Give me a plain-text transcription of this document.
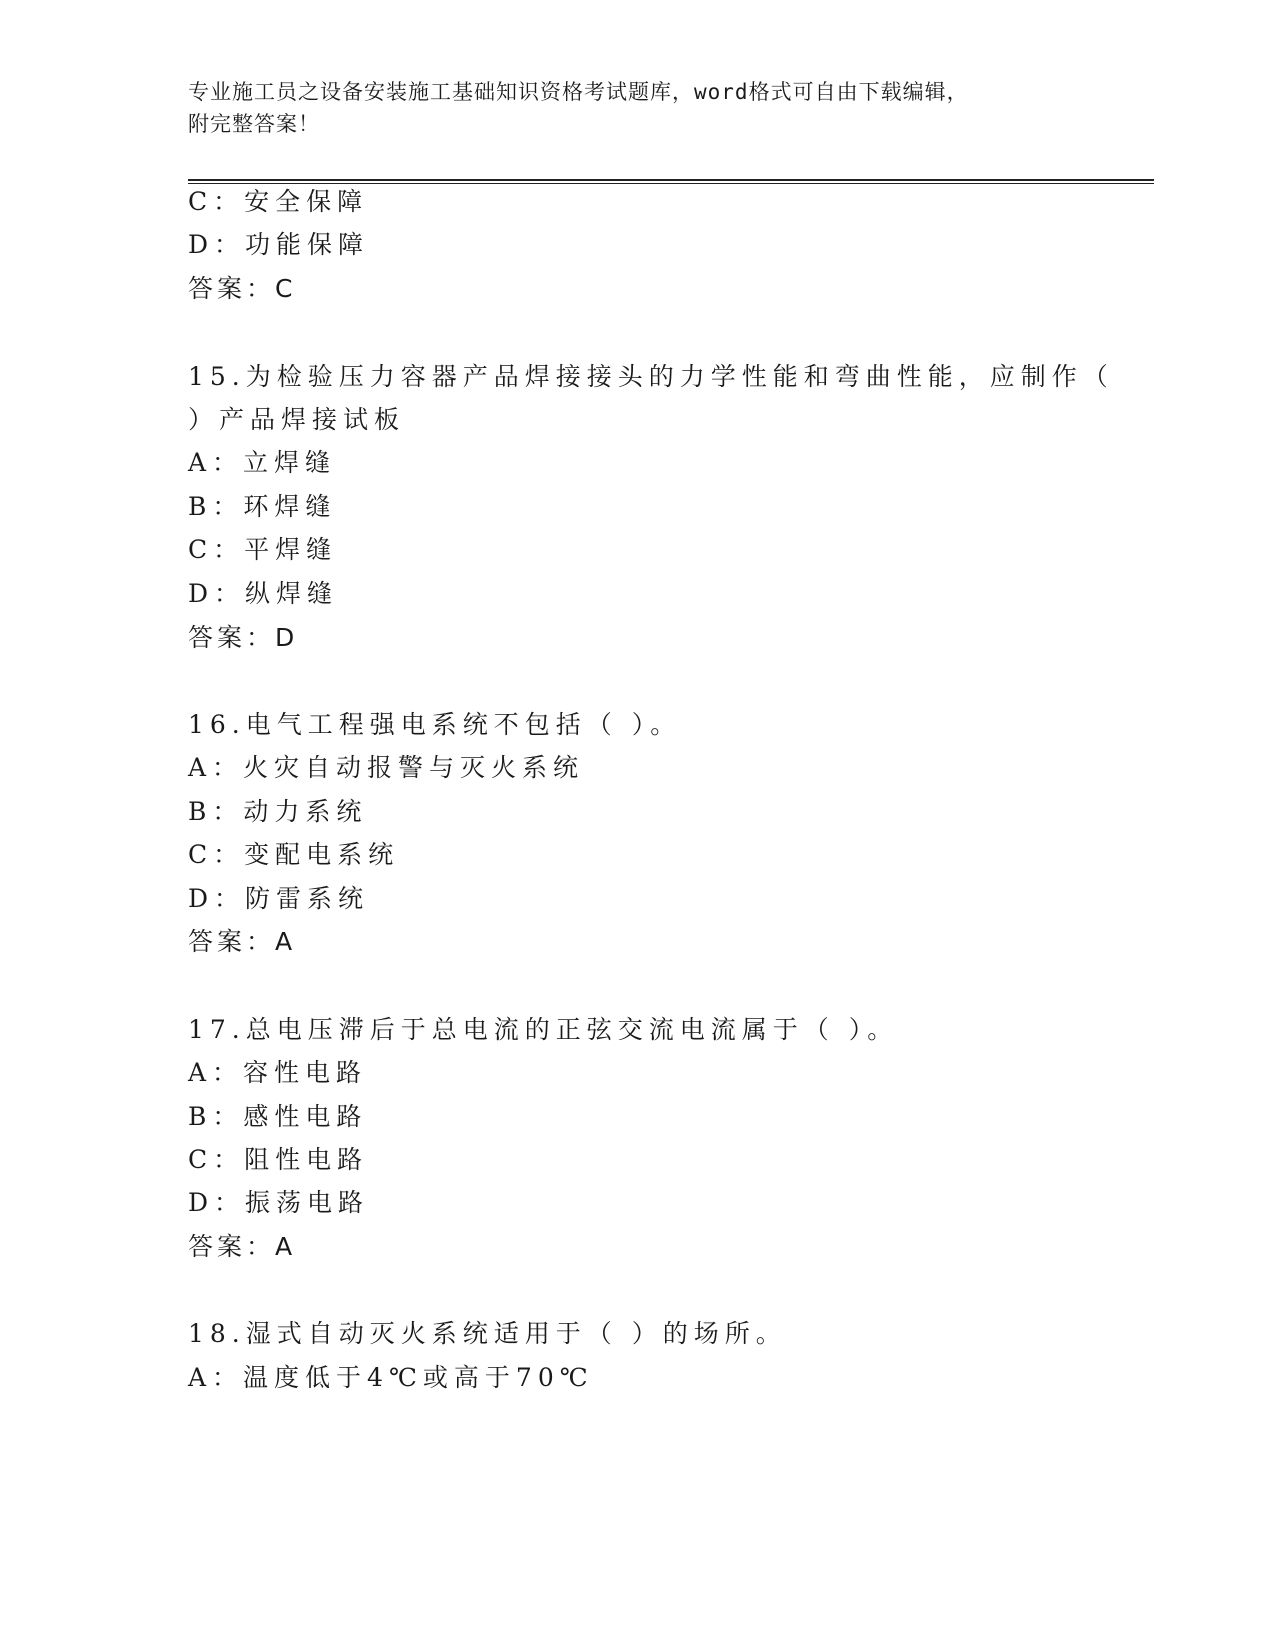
专业施工员之设备安装施工基础知识资格考试题库，word格式可自由下载编辑，
附完整答案！
C：安全保障
D：功能保障
答案：C
15.为检验压力容器产品焊接接头的力学性能和弯曲性能，应制作（
）产品焊接试板
A：立焊缝
B：环焊缝
C：平焊缝
D：纵焊缝
答案：D
16.电气工程强电系统不包括（ ）。
A：火灾自动报警与灭火系统
B：动力系统
C：变配电系统
D：防雷系统
答案：A
17.总电压滞后于总电流的正弦交流电流属于（ ）。
A：容性电路
B：感性电路
C：阻性电路
D：振荡电路
答案：A
18.湿式自动灭火系统适用于（ ）的场所。
A：温度低于4℃或高于70℃
